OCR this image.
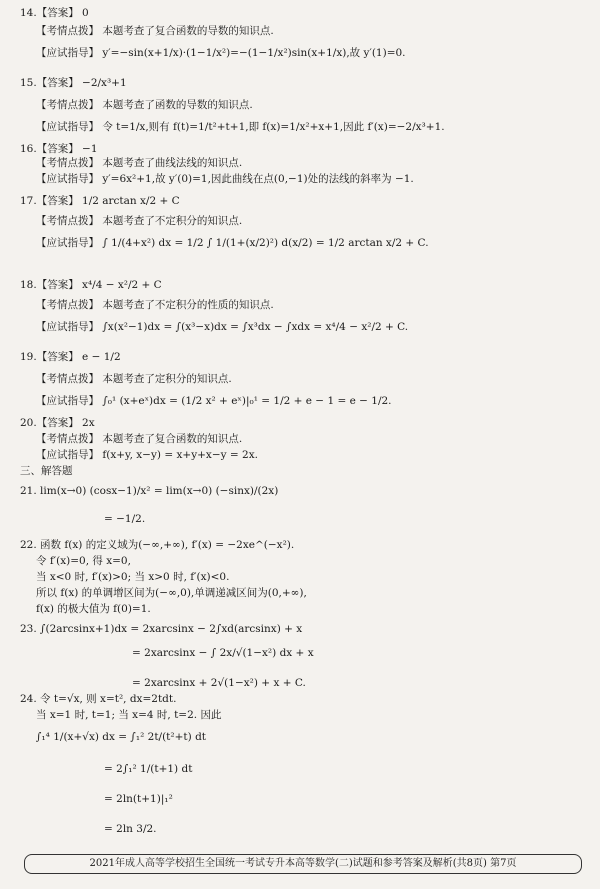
14.【答案】 0
【考情点拨】 本题考查了复合函数的导数的知识点.
【应试指导】 y′=−sin(x+1/x)·(1−1/x²)=−(1−1/x²)sin(x+1/x),故 y′(1)=0.
15.【答案】 −2/x³+1
【考情点拨】 本题考查了函数的导数的知识点.
【应试指导】 令 t=1/x,则有 f(t)=1/t²+t+1,即 f(x)=1/x²+x+1,因此 f′(x)=−2/x³+1.
16.【答案】 −1
【考情点拨】 本题考查了曲线法线的知识点.
【应试指导】 y′=6x²+1,故 y′(0)=1,因此曲线在点(0,−1)处的法线的斜率为 −1.
17.【答案】 1/2 arctan x/2 + C
【考情点拨】 本题考查了不定积分的知识点.
【应试指导】 ∫ 1/(4+x²) dx = 1/2 ∫ 1/(1+(x/2)²) d(x/2) = 1/2 arctan x/2 + C.
18.【答案】 x⁴/4 − x²/2 + C
【考情点拨】 本题考查了不定积分的性质的知识点.
【应试指导】 ∫x(x²−1)dx = ∫(x³−x)dx = ∫x³dx − ∫xdx = x⁴/4 − x²/2 + C.
19.【答案】 e − 1/2
【考情点拨】 本题考查了定积分的知识点.
【应试指导】 ∫₀¹ (x+eˣ)dx = (1/2 x² + eˣ)|₀¹ = 1/2 + e − 1 = e − 1/2.
20.【答案】 2x
【考情点拨】 本题考查了复合函数的知识点.
【应试指导】 f(x+y, x−y) = x+y+x−y = 2x.
三、解答题
21. lim(x→0) (cosx−1)/x² = lim(x→0) (−sinx)/(2x)
= −1/2.
22. 函数 f(x) 的定义域为(−∞,+∞), f′(x) = −2xe^(−x²).
令 f′(x)=0, 得 x=0,
当 x<0 时, f′(x)>0; 当 x>0 时, f′(x)<0.
所以 f(x) 的单调增区间为(−∞,0),单调递减区间为(0,+∞),
f(x) 的极大值为 f(0)=1.
23. ∫(2arcsinx+1)dx = 2xarcsinx − 2∫xd(arcsinx) + x
= 2xarcsinx − ∫ 2x/√(1−x²) dx + x
= 2xarcsinx + 2√(1−x²) + x + C.
24. 令 t=√x, 则 x=t², dx=2tdt.
当 x=1 时, t=1; 当 x=4 时, t=2. 因此
∫₁⁴ 1/(x+√x) dx = ∫₁² 2t/(t²+t) dt
= 2∫₁² 1/(t+1) dt
= 2ln(t+1)|₁²
= 2ln 3/2.
2021年成人高等学校招生全国统一考试专升本高等数学(二)试题和参考答案及解析(共8页) 第7页
